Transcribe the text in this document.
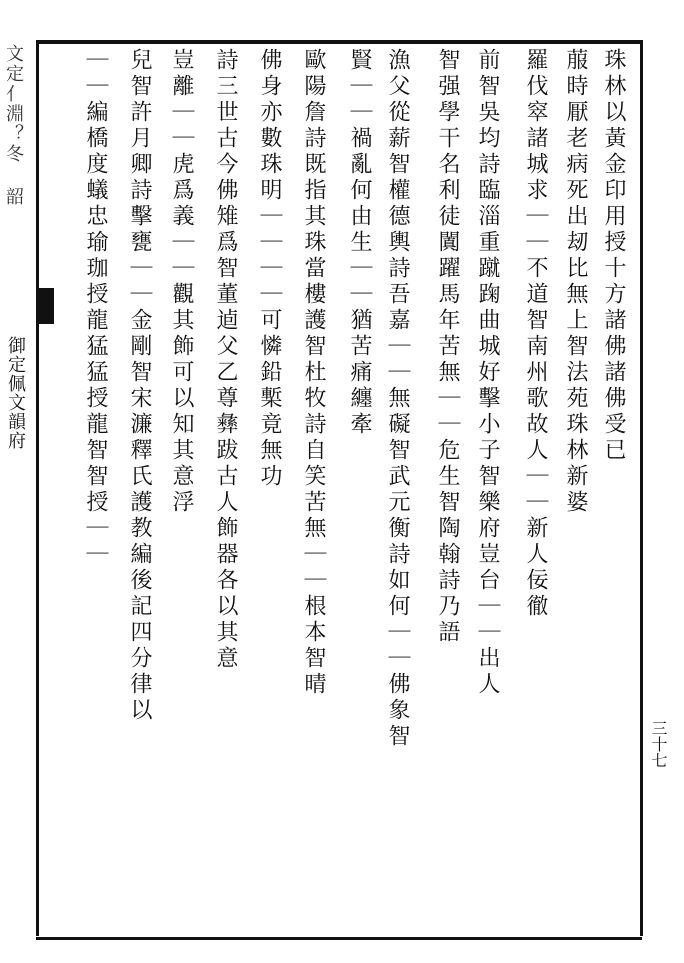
文定亻淵？冬 韶
御定佩文韻府
三十七
珠林以黃金印用授十方諸佛諸佛受已
菔時厭老病死出刼比無上智法苑珠林新婆
羅伐窣諸城求｜｜不道智南州歌故人｜｜新人佞徹
前智吳均詩臨淄重蹴踘曲城好擊小子智樂府豈台｜｜出人
智强學干名利徒闐躍馬年苦無｜｜危生智陶翰詩乃語
漁父從薪智權德輿詩吾嘉｜｜無礙智武元衡詩如何｜｜佛象智
賢｜｜禍亂何由生｜｜猶苦痛纏牽
歐陽詹詩既指其珠當樓護智杜牧詩自笑苦無｜｜根本智晴
佛身亦數珠明｜｜｜｜可憐鉛槧竟無功
詩三世古今佛雉爲智董逌父乙尊彝跋古人飾器各以其意
豈離｜｜虎爲義｜｜觀其飾可以知其意浮
兒智許月卿詩擊甕｜｜金剛智宋濂釋氏護教編後記四分律以
｜｜編橋度蟻忠瑜珈授龍猛猛授龍智智授｜｜
